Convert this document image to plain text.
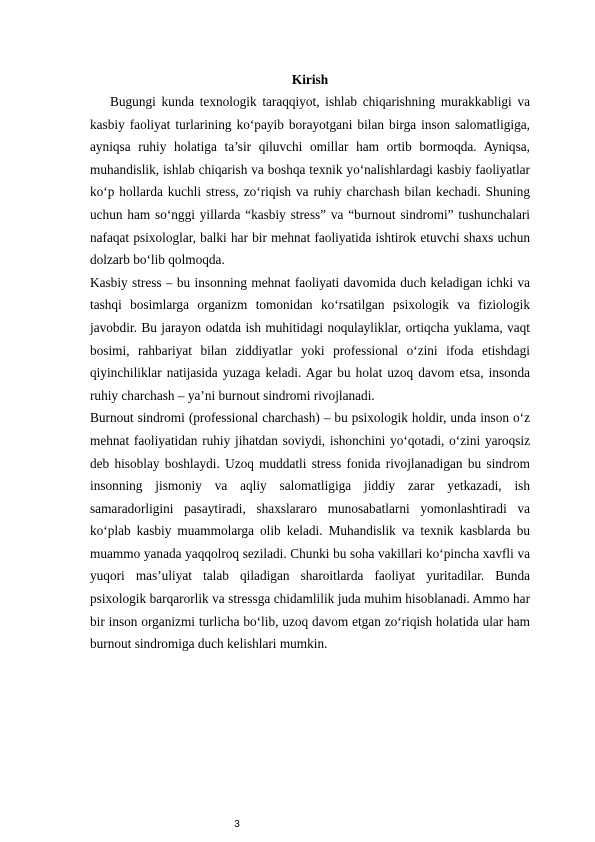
Kirish

Bugungi kunda texnologik taraqqiyot, ishlab chiqarishning murakkabligi va kasbiy faoliyat turlarining ko‘payib borayotgani bilan birga inson salomatligiga, ayniqsa ruhiy holatiga ta’sir qiluvchi omillar ham ortib bormoqda. Ayniqsa, muhandislik, ishlab chiqarish va boshqa texnik yo‘nalishlardagi kasbiy faoliyatlar ko‘p hollarda kuchli stress, zo‘riqish va ruhiy charchash bilan kechadi. Shuning uchun ham so‘nggi yillarda “kasbiy stress” va “burnout sindromi” tushunchalari nafaqat psixologlar, balki har bir mehnat faoliyatida ishtirok etuvchi shaxs uchun dolzarb bo‘lib qolmoqda.

Kasbiy stress – bu insonning mehnat faoliyati davomida duch keladigan ichki va tashqi bosimlarga organizm tomonidan ko‘rsatilgan psixologik va fiziologik javobdir. Bu jarayon odatda ish muhitidagi noqulayliklar, ortiqcha yuklama, vaqt bosimi, rahbariyat bilan ziddiyatlar yoki professional o‘zini ifoda etishdagi qiyinchiliklar natijasida yuzaga keladi. Agar bu holat uzoq davom etsa, insonda ruhiy charchash – ya’ni burnout sindromi rivojlanadi.

Burnout sindromi (professional charchash) – bu psixologik holdir, unda inson o‘z mehnat faoliyatidan ruhiy jihatdan soviydi, ishonchini yo‘qotadi, o‘zini yaroqsiz deb hisoblay boshlaydi. Uzoq muddatli stress fonida rivojlanadigan bu sindrom insonning jismoniy va aqliy salomatligiga jiddiy zarar yetkazadi, ish samaradorligini pasaytiradi, shaxslararo munosabatlarni yomonlashtiradi va ko‘plab kasbiy muammolarga olib keladi. Muhandislik va texnik kasblarda bu muammo yanada yaqqolroq seziladi. Chunki bu soha vakillari ko‘pincha xavfli va yuqori mas’uliyat talab qiladigan sharoitlarda faoliyat yuritadilar. Bunda psixologik barqarorlik va stressga chidamlilik juda muhim hisoblanadi. Ammo har bir inson organizmi turlicha bo‘lib, uzoq davom etgan zo‘riqish holatida ular ham burnout sindromiga duch kelishlari mumkin.

3
